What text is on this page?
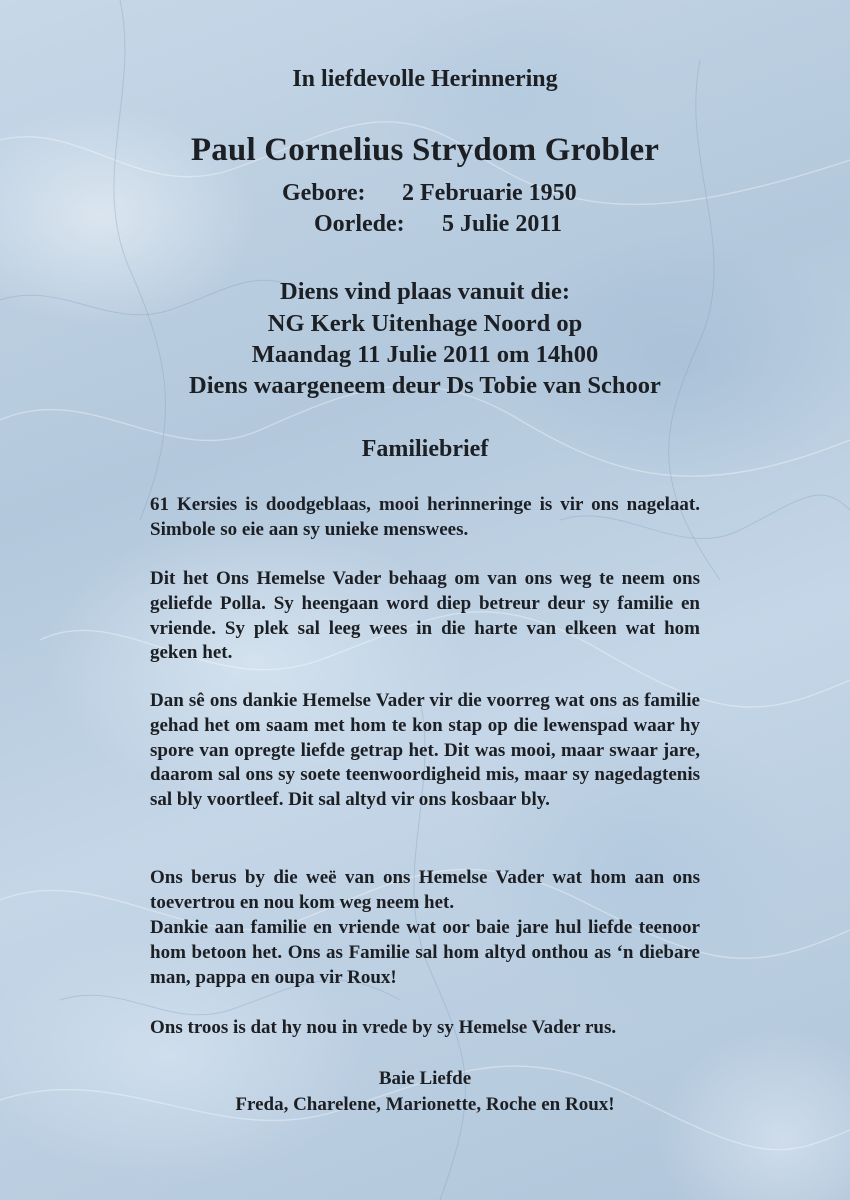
In liefdevolle Herinnering

Paul Cornelius Strydom Grobler

Gebore: 2 Februarie 1950

Oorlede: 5 Julie 2011

Diens vind plaas vanuit die:

NG Kerk Uitenhage Noord op

Maandag 11 Julie 2011 om 14h00

Diens waargeneem deur Ds Tobie van Schoor

Familiebrief

61 Kersies is doodgeblaas, mooi herinneringe is vir ons nagelaat. Simbole so eie aan sy unieke menswees.

Dit het Ons Hemelse Vader behaag om van ons weg te neem ons geliefde Polla. Sy heengaan word diep betreur deur sy familie en vriende. Sy plek sal leeg wees in die harte van elkeen wat hom geken het.

Dan sê ons dankie Hemelse Vader vir die voorreg wat ons as familie gehad het om saam met hom te kon stap op die lewenspad waar hy spore van opregte liefde getrap het. Dit was mooi, maar swaar jare, daarom sal ons sy soete teenwoordigheid mis, maar sy nagedagtenis sal bly voortleef. Dit sal altyd vir ons kosbaar bly.

Ons berus by die weë van ons Hemelse Vader wat hom aan ons toevertrou en nou kom weg neem het.

Dankie aan familie en vriende wat oor baie jare hul liefde teenoor hom betoon het. Ons as Familie sal hom altyd onthou as ‘n diebare man, pappa en oupa vir Roux!

Ons troos is dat hy nou in vrede by sy Hemelse Vader rus.

Baie Liefde

Freda, Charelene, Marionette, Roche en Roux!
